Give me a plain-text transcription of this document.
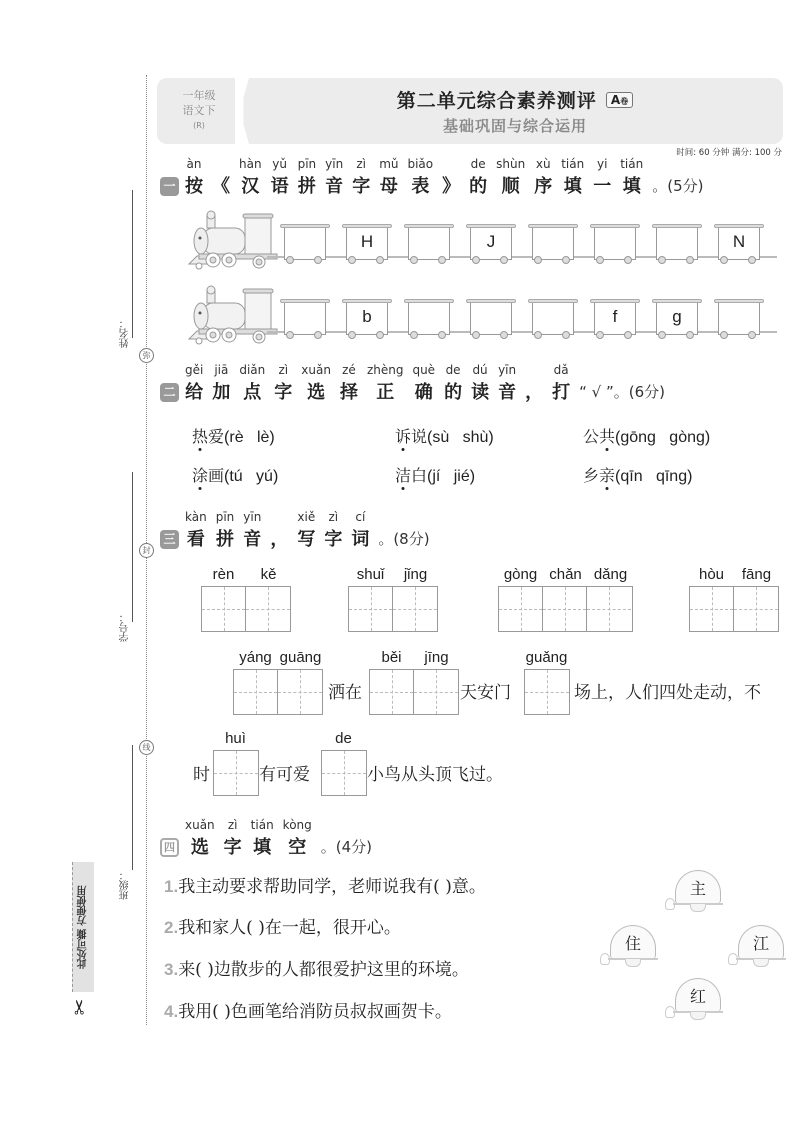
姓名：
弥
学号：
封
班级：
线
此处可撕 方便使用
✂
一年级
语文下
(R)
第二单元综合素养测评 A卷
基础巩固与综合运用
时间: 60 分钟 满分: 100 分
一
àn
按 《
hàn
汉
yǔ
语
pīn
拼
yīn
音
zì
字
mǔ
母
biǎo
表 》
de
的
shùn
顺
xù
序
tián
填
yi
一
tián
填 。(5分)
H	J	N
b	f	g
二
gěi
给
jiā
加
diǎn
点
zì
字
xuǎn
选
zé
择
zhèng
正
què
确
de
的
dú
读
yīn
音 ，
dǎ
打 “ √ ”。(6分)
热爱(rè lè)	诉说(sù shù)	公共(gōng gòng)
涂画(tú yú)	洁白(jí jié)	乡亲(qīn qīng)
三
kàn
看
pīn
拼
yīn
音 ，
xiě
写
zì
字
cí
词 。(8分)
rèn	kě	shuǐ	jǐng	gòng chǎn dǎng	hòu	fāng
yáng guāng	běi	jīng	guǎng
huì	de
洒在	天安门	场上，人们四处走动，不
时	有可爱	小鸟从头顶飞过。
四
xuǎn
选
zì
字
tián
填
kòng
空 。(4分)
1.我主动要求帮助同学，老师说我有( )意。
2.我和家人( )在一起，很开心。
3.来( )边散步的人都很爱护这里的环境。
4.我用( )色画笔给消防员叔叔画贺卡。
主
住	江
红
